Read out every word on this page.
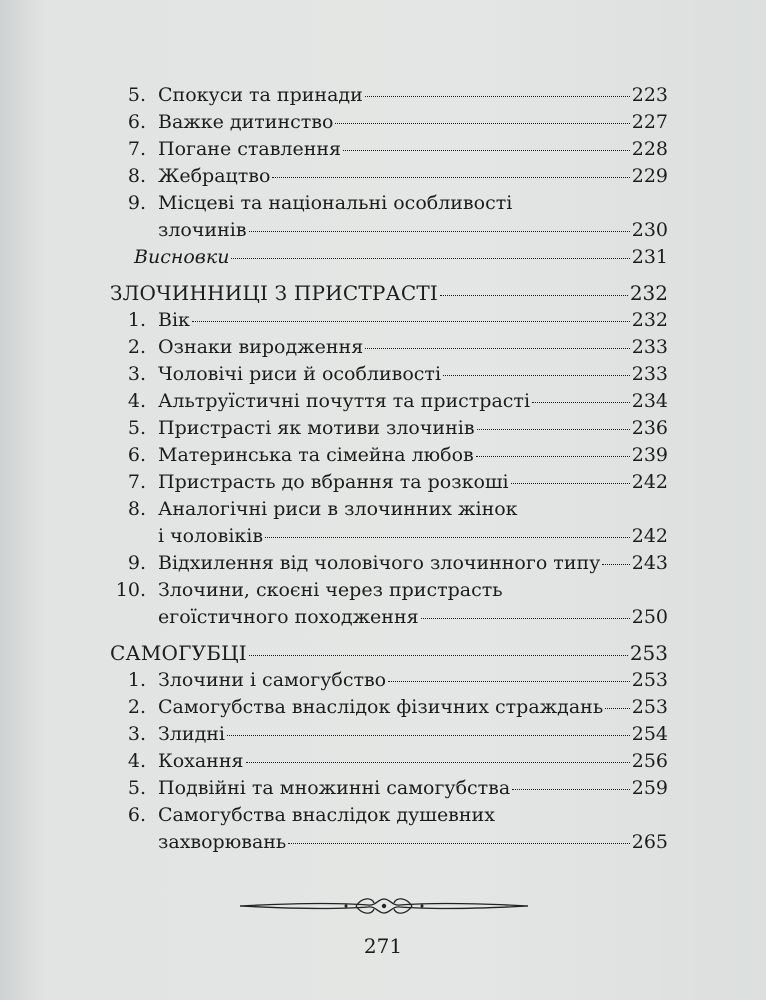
5. Спокуси та принади	223
6. Важке дитинство	227
7. Погане ставлення	228
8. Жебрацтво	229
9. Місцеві та національні особливості
злочинів	230
Висновки	231
ЗЛОЧИННИЦІ З ПРИСТРАСТІ	232
1. Вік	232
2. Ознаки виродження	233
3. Чоловічі риси й особливості	233
4. Альтруїстичні почуття та пристрасті	234
5. Пристрасті як мотиви злочинів	236
6. Материнська та сімейна любов	239
7. Пристрасть до вбрання та розкоші	242
8. Аналогічні риси в злочинних жінок
і чоловіків	242
9. Відхилення від чоловічого злочинного типу 243
10. Злочини, скоєні через пристрасть
егоїстичного походження	250
САМОГУБЦІ	253
1. Злочини і самогубство	253
2. Самогубства внаслідок фізичних страждань 253
3. Злидні	254
4. Кохання	256
5. Подвійні та множинні самогубства	259
6. Самогубства внаслідок душевних
захворювань	265
271
